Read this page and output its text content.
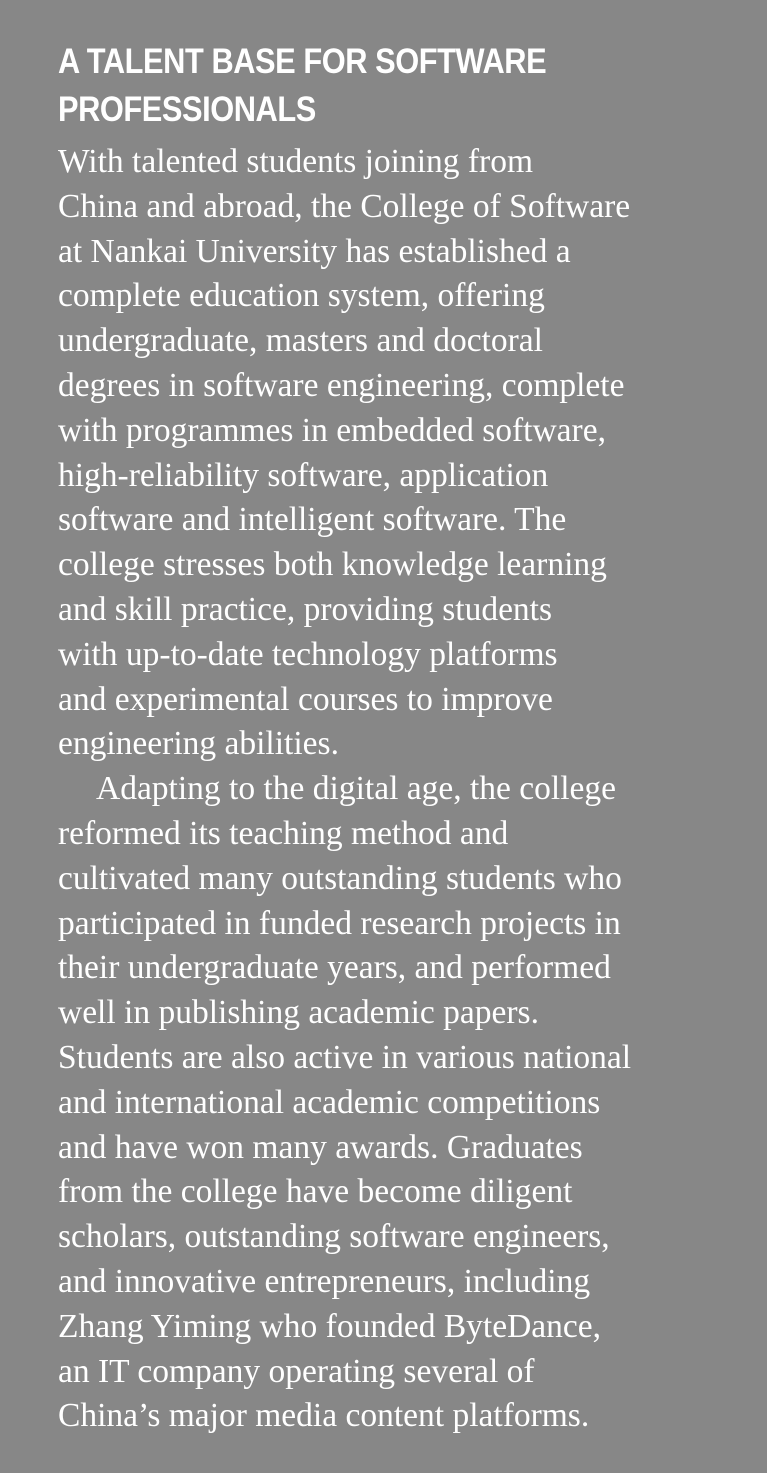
A TALENT BASE FOR SOFTWARE
PROFESSIONALS
With talented students joining from
China and abroad, the College of Software
at Nankai University has established a
complete education system, offering
undergraduate, masters and doctoral
degrees in software engineering, complete
with programmes in embedded software,
high-reliability software, application
software and intelligent software. The
college stresses both knowledge learning
and skill practice, providing students
with up-to-date technology platforms
and experimental courses to improve
engineering abilities.
Adapting to the digital age, the college
reformed its teaching method and
cultivated many outstanding students who
participated in funded research projects in
their undergraduate years, and performed
well in publishing academic papers.
Students are also active in various national
and international academic competitions
and have won many awards. Graduates
from the college have become diligent
scholars, outstanding software engineers,
and innovative entrepreneurs, including
Zhang Yiming who founded ByteDance,
an IT company operating several of
China’s major media content platforms.
